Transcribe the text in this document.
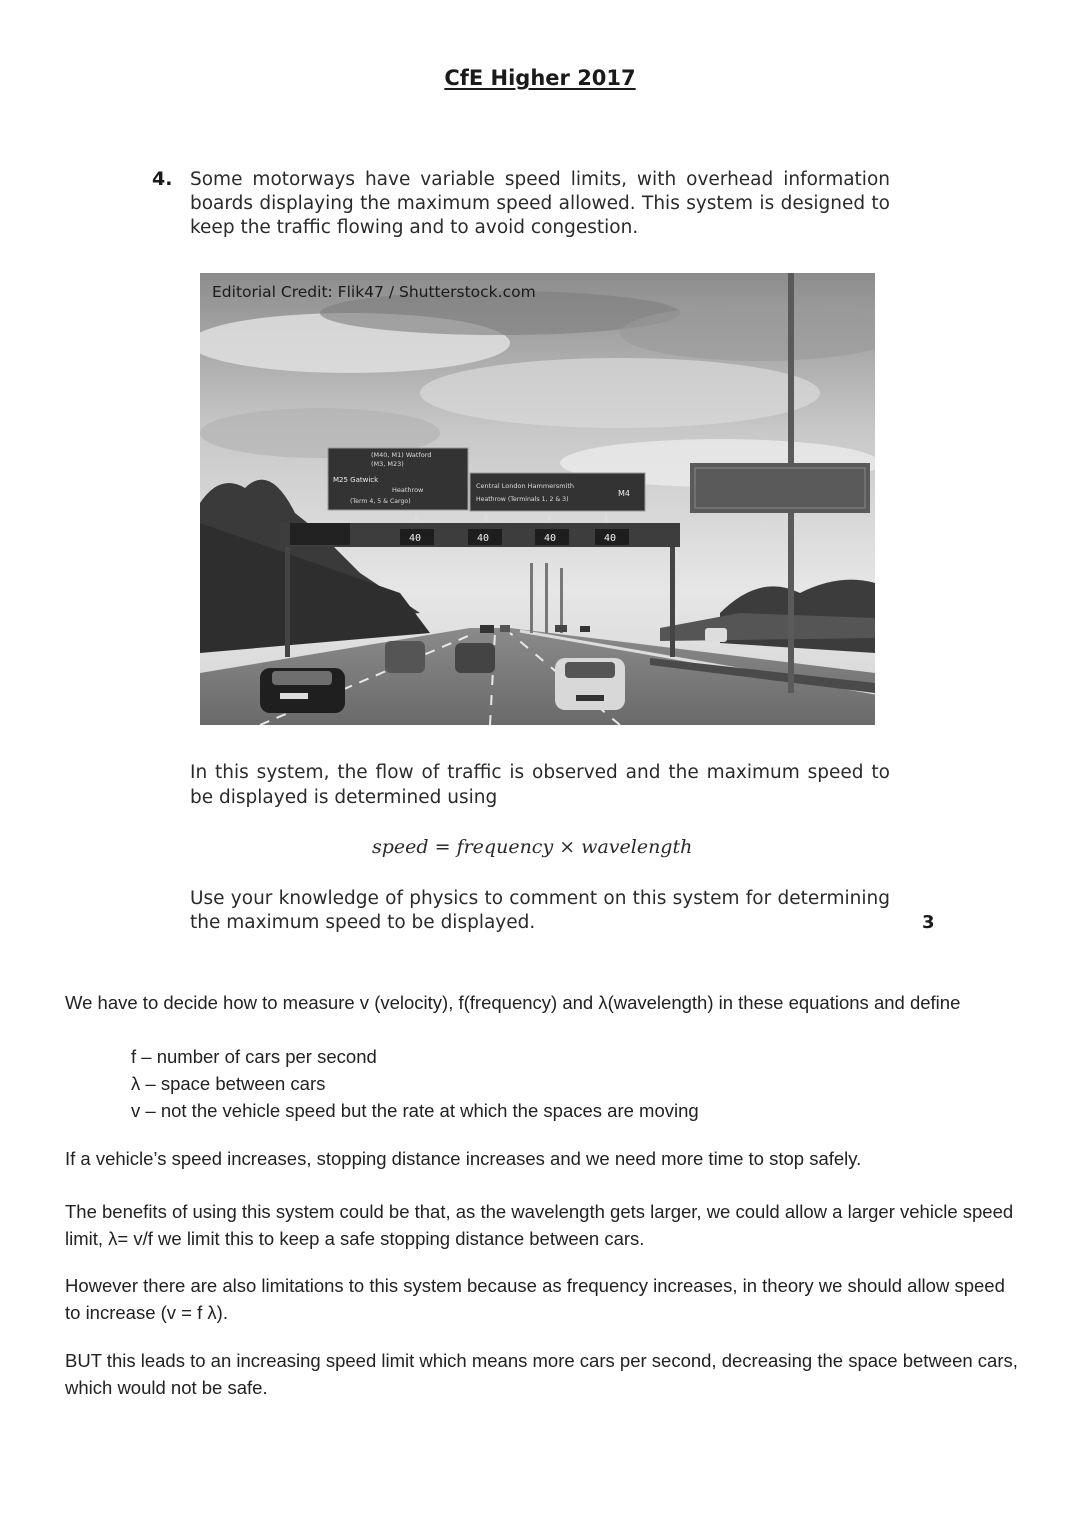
CfE Higher 2017
4. Some motorways have variable speed limits, with overhead information boards displaying the maximum speed allowed. This system is designed to keep the traffic flowing and to avoid congestion.
(M40, M1) Watford
(M3, M23)
M25 Gatwick
Heathrow
(Term 4, 5 & Cargo)
Central London Hammersmith
Heathrow (Terminals 1, 2 & 3)
M4
⬇	⬇	⬇	⬇
40	40	40	40
Editorial Credit: Flik47 / Shutterstock.com
In this system, the flow of traffic is observed and the maximum speed to be displayed is determined using
speed = frequency × wavelength
Use your knowledge of physics to comment on this system for determining the maximum speed to be displayed.	3
We have to decide how to measure v (velocity), f(frequency) and λ(wavelength) in these equations and define
f – number of cars per second
λ – space between cars
v – not the vehicle speed but the rate at which the spaces are moving
If a vehicle’s speed increases, stopping distance increases and we need more time to stop safely.
The benefits of using this system could be that, as the wavelength gets larger, we could allow a larger vehicle speed limit, λ= v/f we limit this to keep a safe stopping distance between cars.
However there are also limitations to this system because as frequency increases, in theory we should allow speed to increase (v = f λ).
BUT this leads to an increasing speed limit which means more cars per second, decreasing the space between cars, which would not be safe.
